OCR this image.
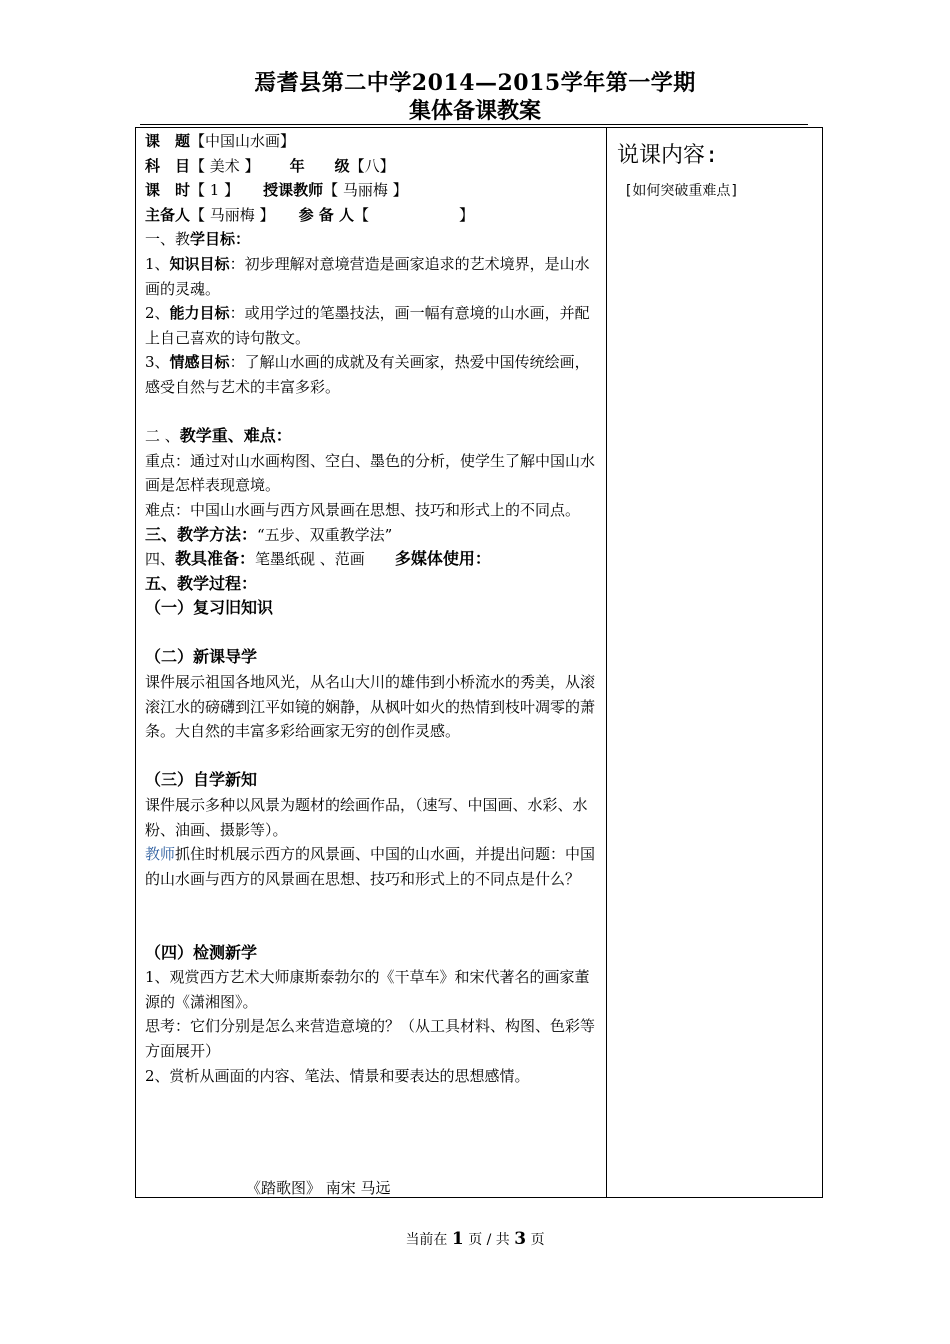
焉耆县第二中学2014—2015学年第一学期
集体备课教案

课　题【中国山水画】

科　目【 美术 】 年 级【八】

课　时【 1 】 授课教师【 马丽梅 】

主备人【 马丽梅 】 参 备 人【　　　　　　】

一、教学目标：

1、知识目标：初步理解对意境营造是画家追求的艺术境界，是山水画的灵魂。

2、能力目标：或用学过的笔墨技法，画一幅有意境的山水画，并配上自己喜欢的诗句散文。

3、情感目标：了解山水画的成就及有关画家，热爱中国传统绘画，感受自然与艺术的丰富多彩。

二 、教学重、难点：

重点：通过对山水画构图、空白、墨色的分析，使学生了解中国山水画是怎样表现意境。

难点：中国山水画与西方风景画在思想、技巧和形式上的不同点。

三、教学方法：“五步、双重教学法”

四、教具准备：笔墨纸砚 、范画 多媒体使用：

五、教学过程：

（一）复习旧知识

（二）新课导学

课件展示祖国各地风光，从名山大川的雄伟到小桥流水的秀美，从滚滚江水的磅礴到江平如镜的娴静，从枫叶如火的热情到枝叶凋零的萧条。大自然的丰富多彩给画家无穷的创作灵感。

（三）自学新知

课件展示多种以风景为题材的绘画作品，（速写、中国画、水彩、水粉、油画、摄影等）。

教师抓住时机展示西方的风景画、中国的山水画，并提出问题：中国的山水画与西方的风景画在思想、技巧和形式上的不同点是什么？

（四）检测新学

1、观赏西方艺术大师康斯泰勃尔的《干草车》和宋代著名的画家董源的《潇湘图》。

思考：它们分别是怎么来营造意境的？（从工具材料、构图、色彩等方面展开）

2、赏析从画面的内容、笔法、情景和要表达的思想感情。

《踏歌图》 南宋 马远
说课内容:
[如何突破重难点]
当前在 1 页 / 共 3 页
